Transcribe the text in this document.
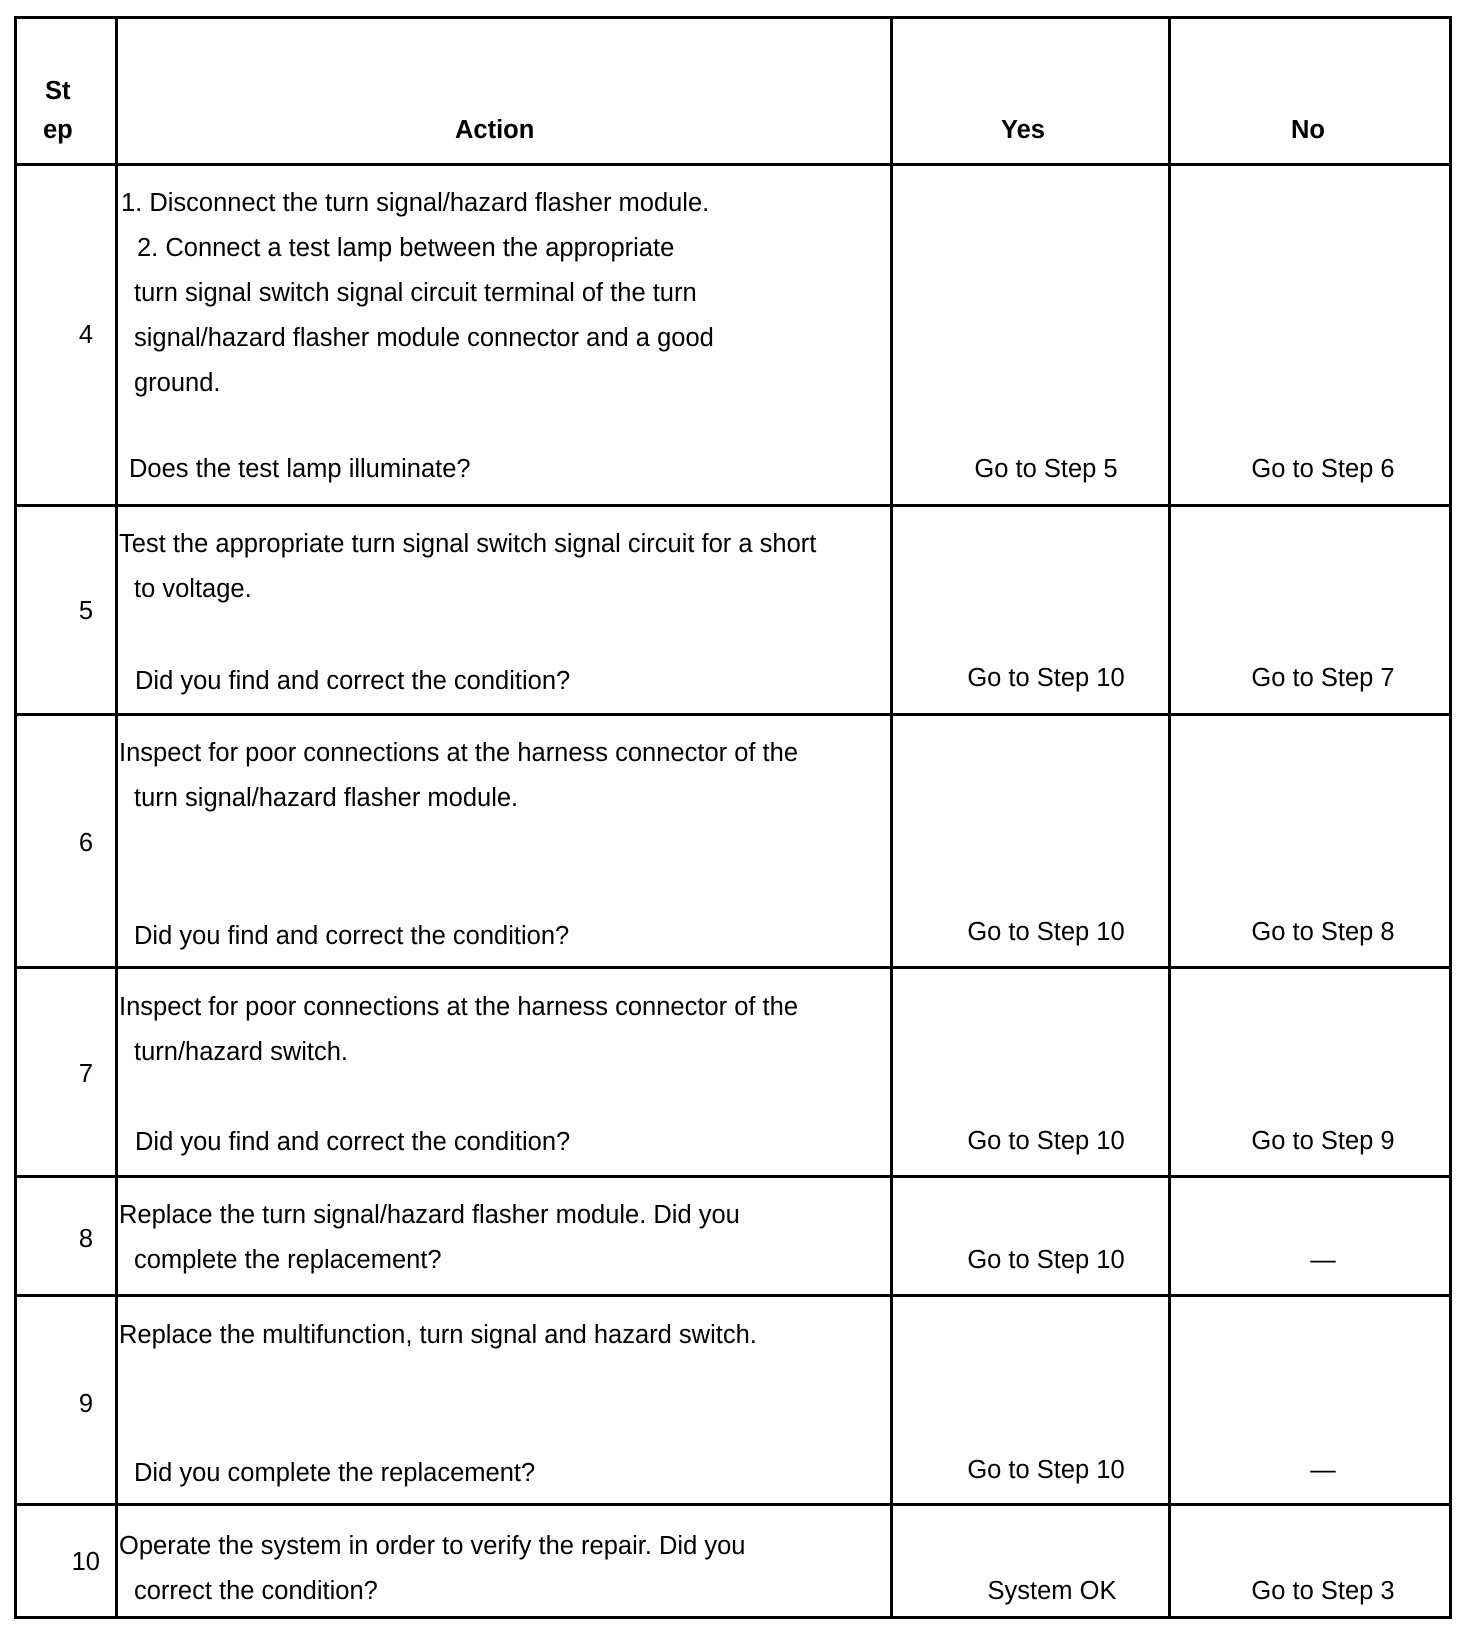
St
ep	Action	Yes	No
4
1. Disconnect the turn signal/hazard flasher module.
2. Connect a test lamp between the appropriate
turn signal switch signal circuit terminal of the turn
signal/hazard flasher module connector and a good
ground.
Does the test lamp illuminate?	Go to Step 5	Go to Step 6
5
Test the appropriate turn signal switch signal circuit for a short
to voltage.
Did you find and correct the condition?	Go to Step 10	Go to Step 7
6
Inspect for poor connections at the harness connector of the
turn signal/hazard flasher module.
Did you find and correct the condition?	Go to Step 10	Go to Step 8
7
Inspect for poor connections at the harness connector of the
turn/hazard switch.
Did you find and correct the condition?	Go to Step 10	Go to Step 9
8
Replace the turn signal/hazard flasher module. Did you
complete the replacement?	Go to Step 10	—
9
Replace the multifunction, turn signal and hazard switch.
Did you complete the replacement?	Go to Step 10	—
10
Operate the system in order to verify the repair. Did you
correct the condition?	System OK	Go to Step 3
